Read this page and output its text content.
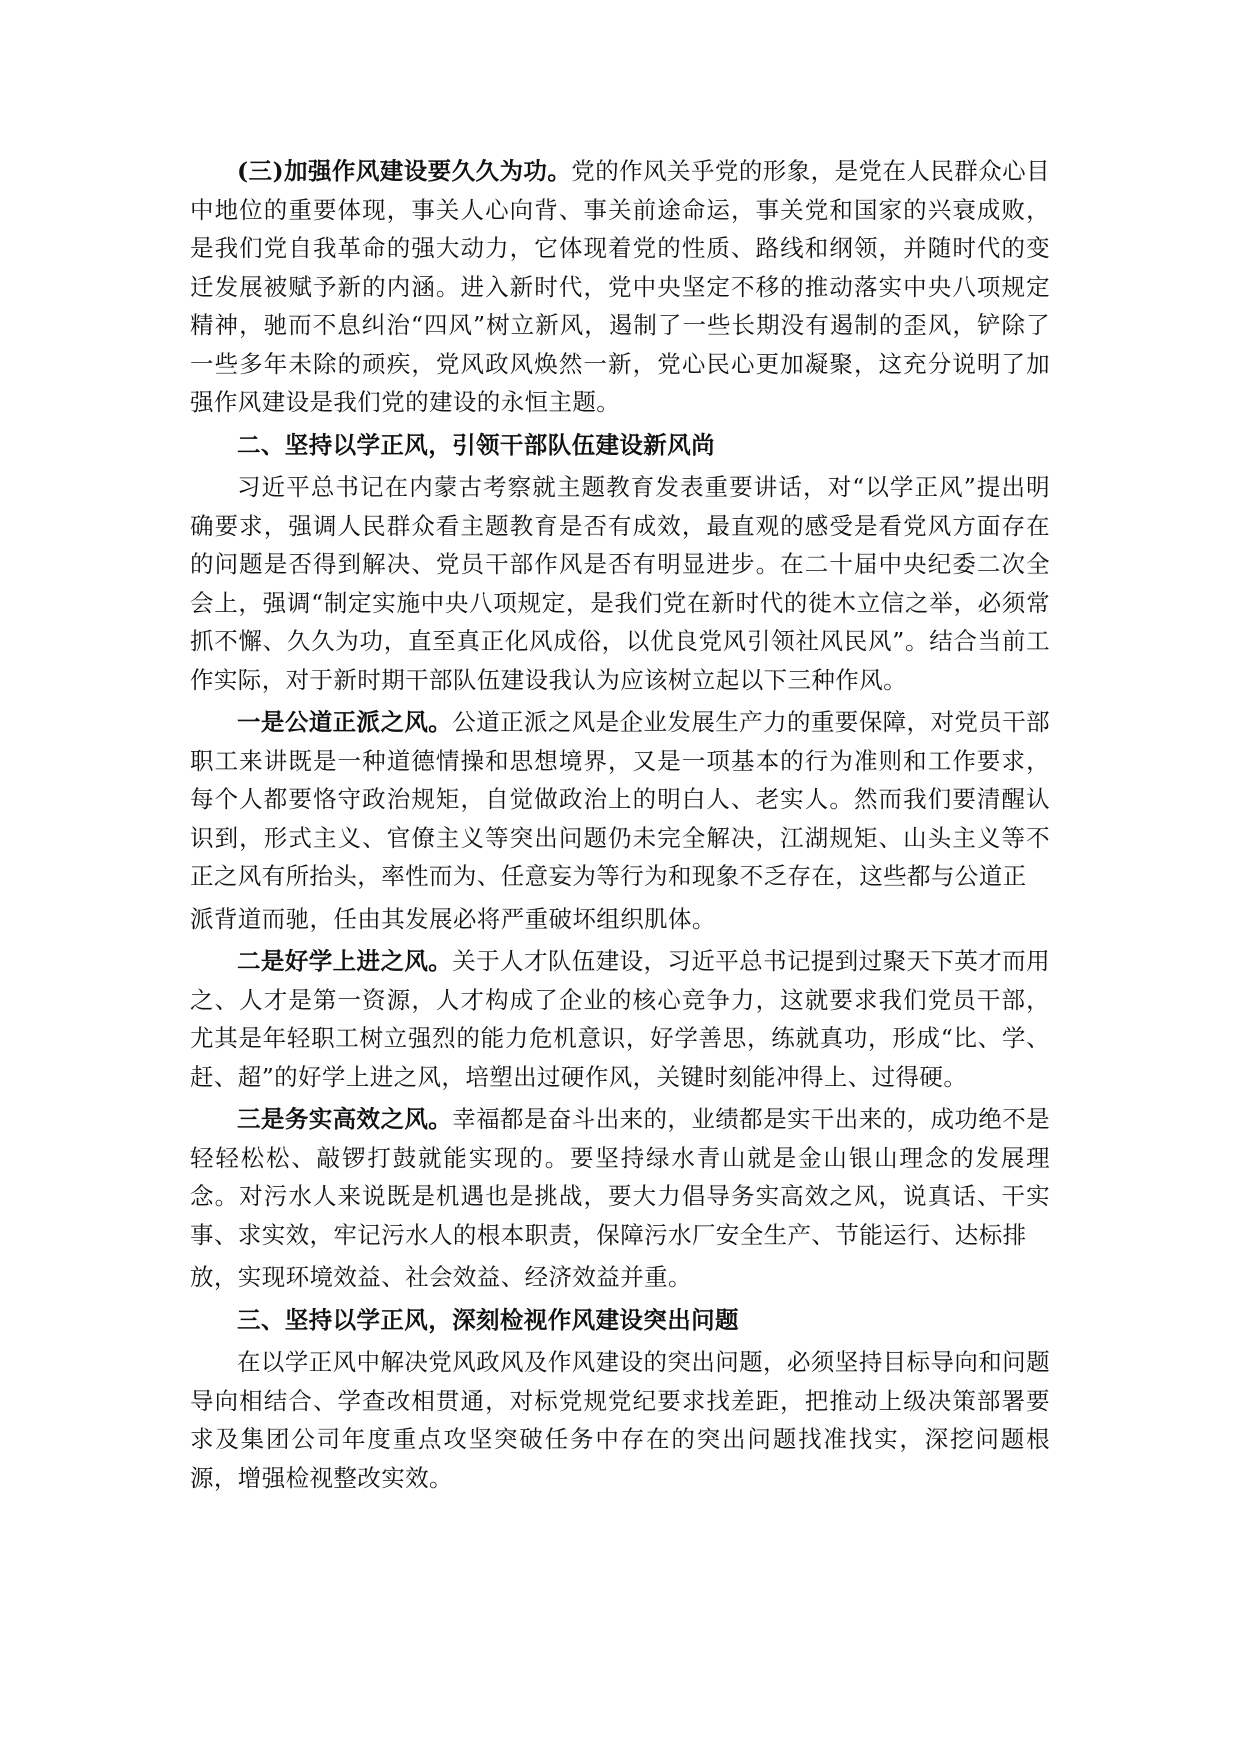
(三)加强作风建设要久久为功。党的作风关乎党的形象，是党在人民群众心目中地位的重要体现，事关人心向背、事关前途命运，事关党和国家的兴衰成败，是我们党自我革命的强大动力，它体现着党的性质、路线和纲领，并随时代的变迁发展被赋予新的内涵。进入新时代，党中央坚定不移的推动落实中央八项规定精神，驰而不息纠治“四风”树立新风，遏制了一些长期没有遏制的歪风，铲除了一些多年未除的顽疾，党风政风焕然一新，党心民心更加凝聚，这充分说明了加强作风建设是我们党的建设的永恒主题。

二、坚持以学正风，引领干部队伍建设新风尚

习近平总书记在内蒙古考察就主题教育发表重要讲话，对“以学正风”提出明确要求，强调人民群众看主题教育是否有成效，最直观的感受是看党风方面存在的问题是否得到解决、党员干部作风是否有明显进步。在二十届中央纪委二次全会上，强调“制定实施中央八项规定，是我们党在新时代的徙木立信之举，必须常抓不懈、久久为功，直至真正化风成俗，以优良党风引领社风民风”。结合当前工作实际，对于新时期干部队伍建设我认为应该树立起以下三种作风。

一是公道正派之风。公道正派之风是企业发展生产力的重要保障，对党员干部职工来讲既是一种道德情操和思想境界，又是一项基本的行为准则和工作要求， 每个人都要恪守政治规矩，自觉做政治上的明白人、老实人。然而我们要清醒认 识到，形式主义、官僚主义等突出问题仍未完全解决，江湖规矩、山头主义等不 正之风有所抬头，率性而为、任意妄为等行为和现象不乏存在，这些都与公道正

派背道而驰，任由其发展必将严重破坏组织肌体。

二是好学上进之风。关于人才队伍建设，习近平总书记提到过聚天下英才而用之、人才是第一资源，人才构成了企业的核心竞争力，这就要求我们党员干部，尤其是年轻职工树立强烈的能力危机意识，好学善思，练就真功，形成“比、学、赶、超”的好学上进之风，培塑出过硬作风，关键时刻能冲得上、过得硬。

三是务实高效之风。幸福都是奋斗出来的，业绩都是实干出来的，成功绝不是轻轻松松、敲锣打鼓就能实现的。要坚持绿水青山就是金山银山理念的发展理念。对污水人来说既是机遇也是挑战，要大力倡导务实高效之风，说真话、干实 事、求实效，牢记污水人的根本职责，保障污水厂安全生产、节能运行、达标排

放，实现环境效益、社会效益、经济效益并重。

三、坚持以学正风，深刻检视作风建设突出问题

在以学正风中解决党风政风及作风建设的突出问题，必须坚持目标导向和问题导向相结合、学查改相贯通，对标党规党纪要求找差距，把推动上级决策部署要求及集团公司年度重点攻坚突破任务中存在的突出问题找准找实，深挖问题根源，增强检视整改实效。
